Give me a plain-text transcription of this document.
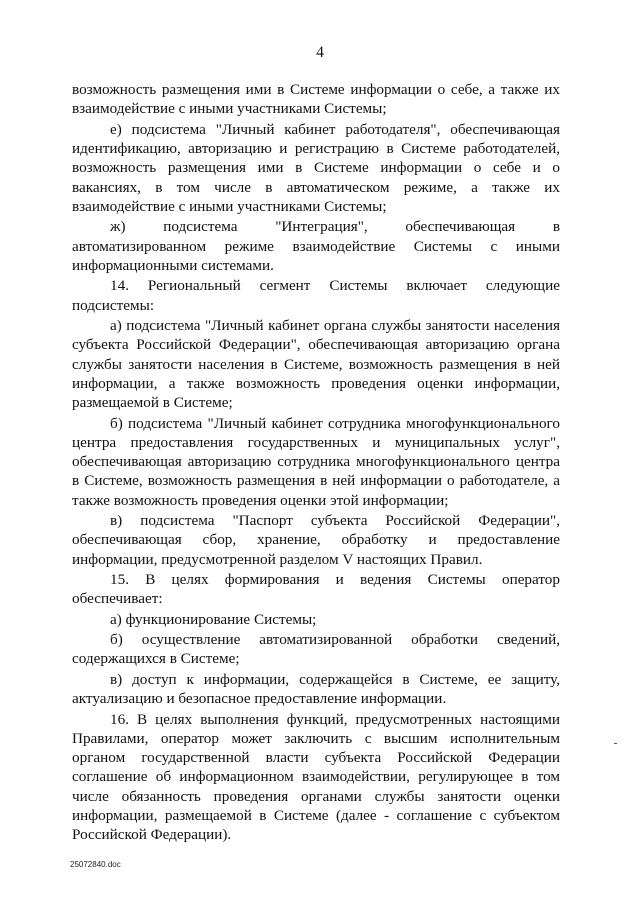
4

возможность размещения ими в Системе информации о себе, а также их взаимодействие с иными участниками Системы;

е) подсистема "Личный кабинет работодателя", обеспечивающая идентификацию, авторизацию и регистрацию в Системе работодателей, возможность размещения ими в Системе информации о себе и о вакансиях, в том числе в автоматическом режиме, а также их взаимодействие с иными участниками Системы;

ж) подсистема "Интеграция", обеспечивающая в автоматизированном режиме взаимодействие Системы с иными информационными системами.

14. Региональный сегмент Системы включает следующие подсистемы:

а) подсистема "Личный кабинет органа службы занятости населения субъекта Российской Федерации", обеспечивающая авторизацию органа службы занятости населения в Системе, возможность размещения в ней информации, а также возможность проведения оценки информации, размещаемой в Системе;

б) подсистема "Личный кабинет сотрудника многофункционального центра предоставления государственных и муниципальных услуг", обеспечивающая авторизацию сотрудника многофункционального центра в Системе, возможность размещения в ней информации о работодателе, а также возможность проведения оценки этой информации;

в) подсистема "Паспорт субъекта Российской Федерации", обеспечивающая сбор, хранение, обработку и предоставление информации, предусмотренной разделом V настоящих Правил.

15. В целях формирования и ведения Системы оператор обеспечивает:

а) функционирование Системы;

б) осуществление автоматизированной обработки сведений, содержащихся в Системе;

в) доступ к информации, содержащейся в Системе, ее защиту, актуализацию и безопасное предоставление информации.

16. В целях выполнения функций, предусмотренных настоящими Правилами, оператор может заключить с высшим исполнительным органом государственной власти субъекта Российской Федерации соглашение об информационном взаимодействии, регулирующее в том числе обязанность проведения органами службы занятости оценки информации, размещаемой в Системе (далее - соглашение с субъектом Российской Федерации).

25072840.doc
